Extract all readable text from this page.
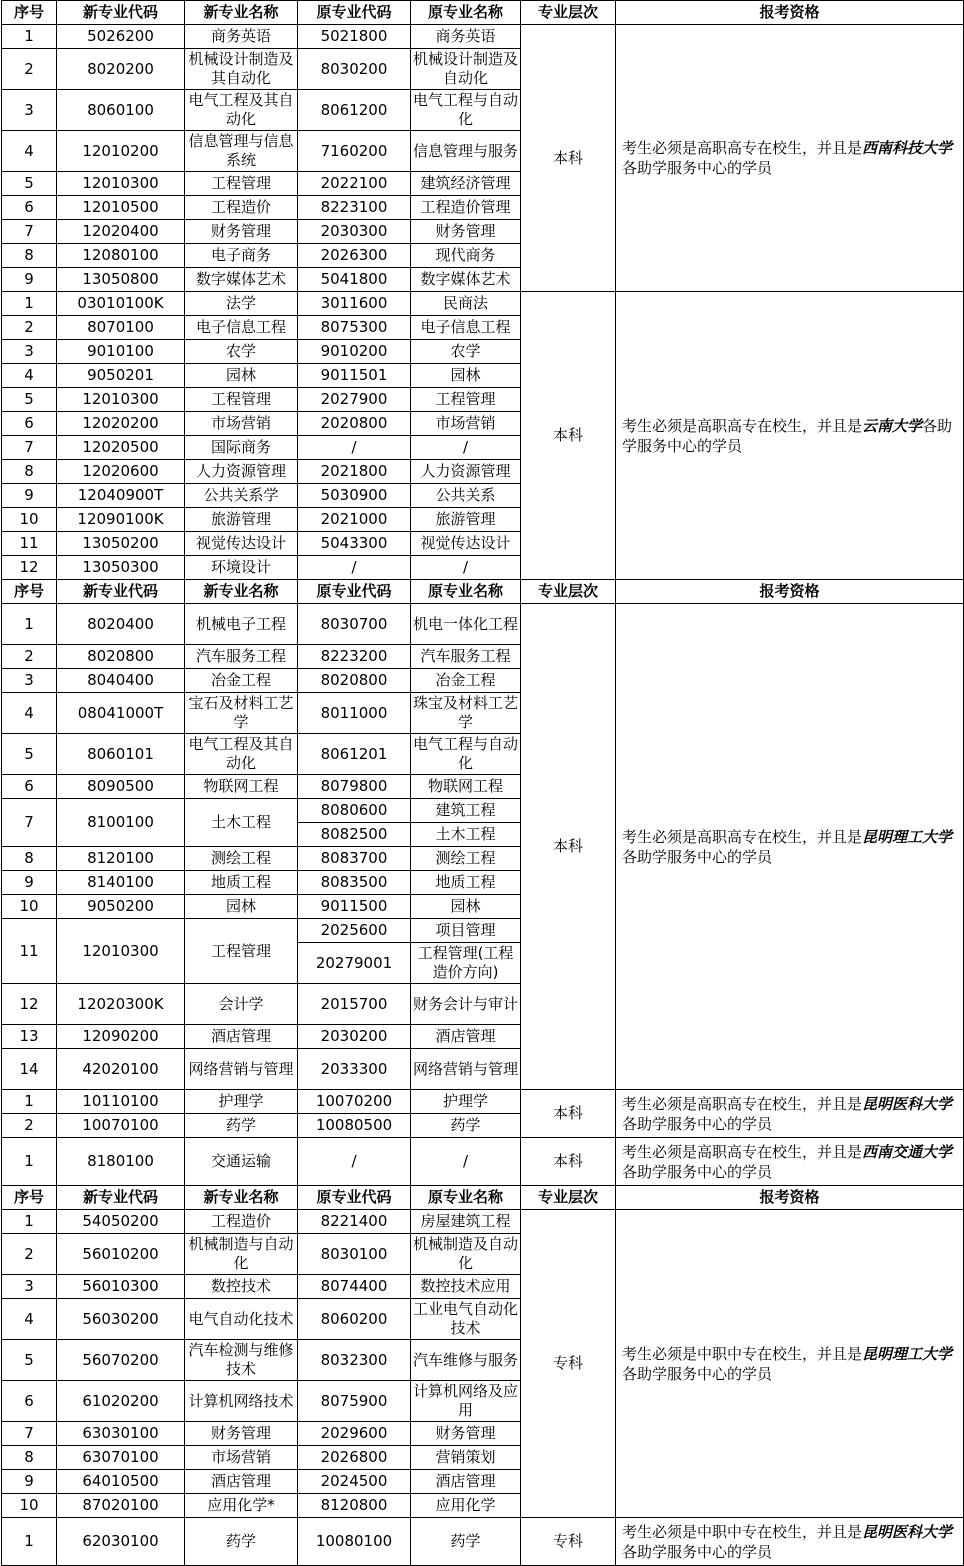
序号	新专业代码	新专业名称	原专业代码	原专业名称	专业层次	报考资格
1	5026200	商务英语	5021800	商务英语	本科	考生必须是高职高专在校生，并且是西南科技大学各助学服务中心的学员
2	8020200	机械设计制造及其自动化	8030200	机械设计制造及自动化		
3	8060100	电气工程及其自动化	8061200	电气工程与自动化		
4	12010200	信息管理与信息系统	7160200	信息管理与服务		
5	12010300	工程管理	2022100	建筑经济管理		
6	12010500	工程造价	8223100	工程造价管理		
7	12020400	财务管理	2030300	财务管理		
8	12080100	电子商务	2026300	现代商务		
9	13050800	数字媒体艺术	5041800	数字媒体艺术		
1	03010100K	法学	3011600	民商法	本科	考生必须是高职高专在校生，并且是云南大学各助学服务中心的学员
2	8070100	电子信息工程	8075300	电子信息工程		
3	9010100	农学	9010200	农学		
4	9050201	园林	9011501	园林		
5	12010300	工程管理	2027900	工程管理		
6	12020200	市场营销	2020800	市场营销		
7	12020500	国际商务	/	/		
8	12020600	人力资源管理	2021800	人力资源管理		
9	12040900T	公共关系学	5030900	公共关系		
10	12090100K	旅游管理	2021000	旅游管理		
11	13050200	视觉传达设计	5043300	视觉传达设计		
12	13050300	环境设计	/	/		
序号	新专业代码	新专业名称	原专业代码	原专业名称	专业层次	报考资格
1	8020400	机械电子工程	8030700	机电一体化工程	本科	考生必须是高职高专在校生，并且是昆明理工大学各助学服务中心的学员
2	8020800	汽车服务工程	8223200	汽车服务工程		
3	8040400	冶金工程	8020800	冶金工程		
4	08041000T	宝石及材料工艺学	8011000	珠宝及材料工艺学		
5	8060101	电气工程及其自动化	8061201	电气工程与自动化		
6	8090500	物联网工程	8079800	物联网工程		
7	8100100	土木工程	8080600	建筑工程		
			8082500	土木工程		
8	8120100	测绘工程	8083700	测绘工程		
9	8140100	地质工程	8083500	地质工程		
10	9050200	园林	9011500	园林		
11	12010300	工程管理	2025600	项目管理		
			20279001	工程管理(工程造价方向)		
12	12020300K	会计学	2015700	财务会计与审计		
13	12090200	酒店管理	2030200	酒店管理		
14	42020100	网络营销与管理	2033300	网络营销与管理		
1	10110100	护理学	10070200	护理学	本科	考生必须是高职高专在校生，并且是昆明医科大学各助学服务中心的学员
2	10070100	药学	10080500	药学		
1	8180100	交通运输	/	/	本科	考生必须是高职高专在校生，并且是西南交通大学各助学服务中心的学员
序号	新专业代码	新专业名称	原专业代码	原专业名称	专业层次	报考资格
1	54050200	工程造价	8221400	房屋建筑工程	专科	考生必须是中职中专在校生，并且是昆明理工大学各助学服务中心的学员
2	56010200	机械制造与自动化	8030100	机械制造及自动化		
3	56010300	数控技术	8074400	数控技术应用		
4	56030200	电气自动化技术	8060200	工业电气自动化技术		
5	56070200	汽车检测与维修技术	8032300	汽车维修与服务		
6	61020200	计算机网络技术	8075900	计算机网络及应用		
7	63030100	财务管理	2029600	财务管理		
8	63070100	市场营销	2026800	营销策划		
9	64010500	酒店管理	2024500	酒店管理		
10	87020100	应用化学*	8120800	应用化学		
1	62030100	药学	10080100	药学	专科	考生必须是中职中专在校生，并且是昆明医科大学各助学服务中心的学员
